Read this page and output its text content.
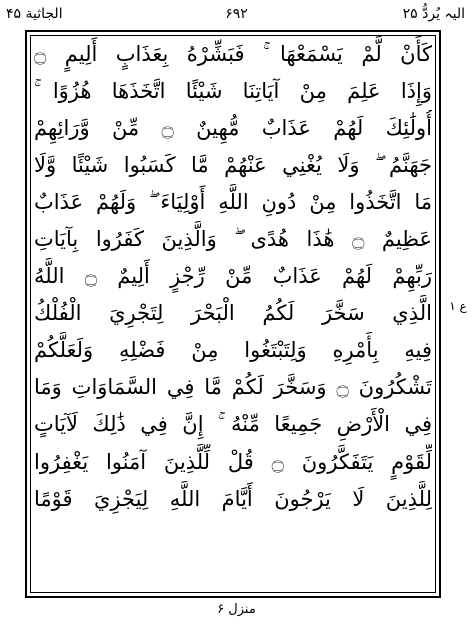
الجاثية ۴۵	۶۹۲	الیہ یُردُّ ۲۵
كَأَنْ لَّمْ يَسْمَعْهَا ۚ فَبَشِّرْهُ بِعَذَابٍ أَلِيمٍ ۝
وَإِذَا عَلِمَ مِنْ آيَاتِنَا شَيْئًا اتَّخَذَهَا هُزُوًا ۚ
أُولَٰئِكَ لَهُمْ عَذَابٌ مُّهِينٌ ۝ مِّنْ وَّرَائِهِمْ
جَهَنَّمُ ۖ وَلَا يُغْنِي عَنْهُمْ مَّا كَسَبُوا شَيْئًا وَّلَا
مَا اتَّخَذُوا مِنْ دُونِ اللَّهِ أَوْلِيَاءَ ۖ وَلَهُمْ عَذَابٌ
عَظِيمٌ ۝ هَٰذَا هُدًى ۖ وَالَّذِينَ كَفَرُوا بِآيَاتِ
رَبِّهِمْ لَهُمْ عَذَابٌ مِّنْ رِّجْزٍ أَلِيمٌ ۝ اللَّهُ
الَّذِي سَخَّرَ لَكُمُ الْبَحْرَ لِتَجْرِيَ الْفُلْكُ
فِيهِ بِأَمْرِهِ وَلِتَبْتَغُوا مِنْ فَضْلِهِ وَلَعَلَّكُمْ
تَشْكُرُونَ ۝ وَسَخَّرَ لَكُمْ مَّا فِي السَّمَاوَاتِ وَمَا
فِي الْأَرْضِ جَمِيعًا مِّنْهُ ۚ إِنَّ فِي ذَٰلِكَ لَآيَاتٍ
لِّقَوْمٍ يَتَفَكَّرُونَ ۝ قُلْ لِّلَّذِينَ آمَنُوا يَغْفِرُوا
لِلَّذِينَ لَا يَرْجُونَ أَيَّامَ اللَّهِ لِيَجْزِيَ قَوْمًا
ع ۱
منزل ۶
